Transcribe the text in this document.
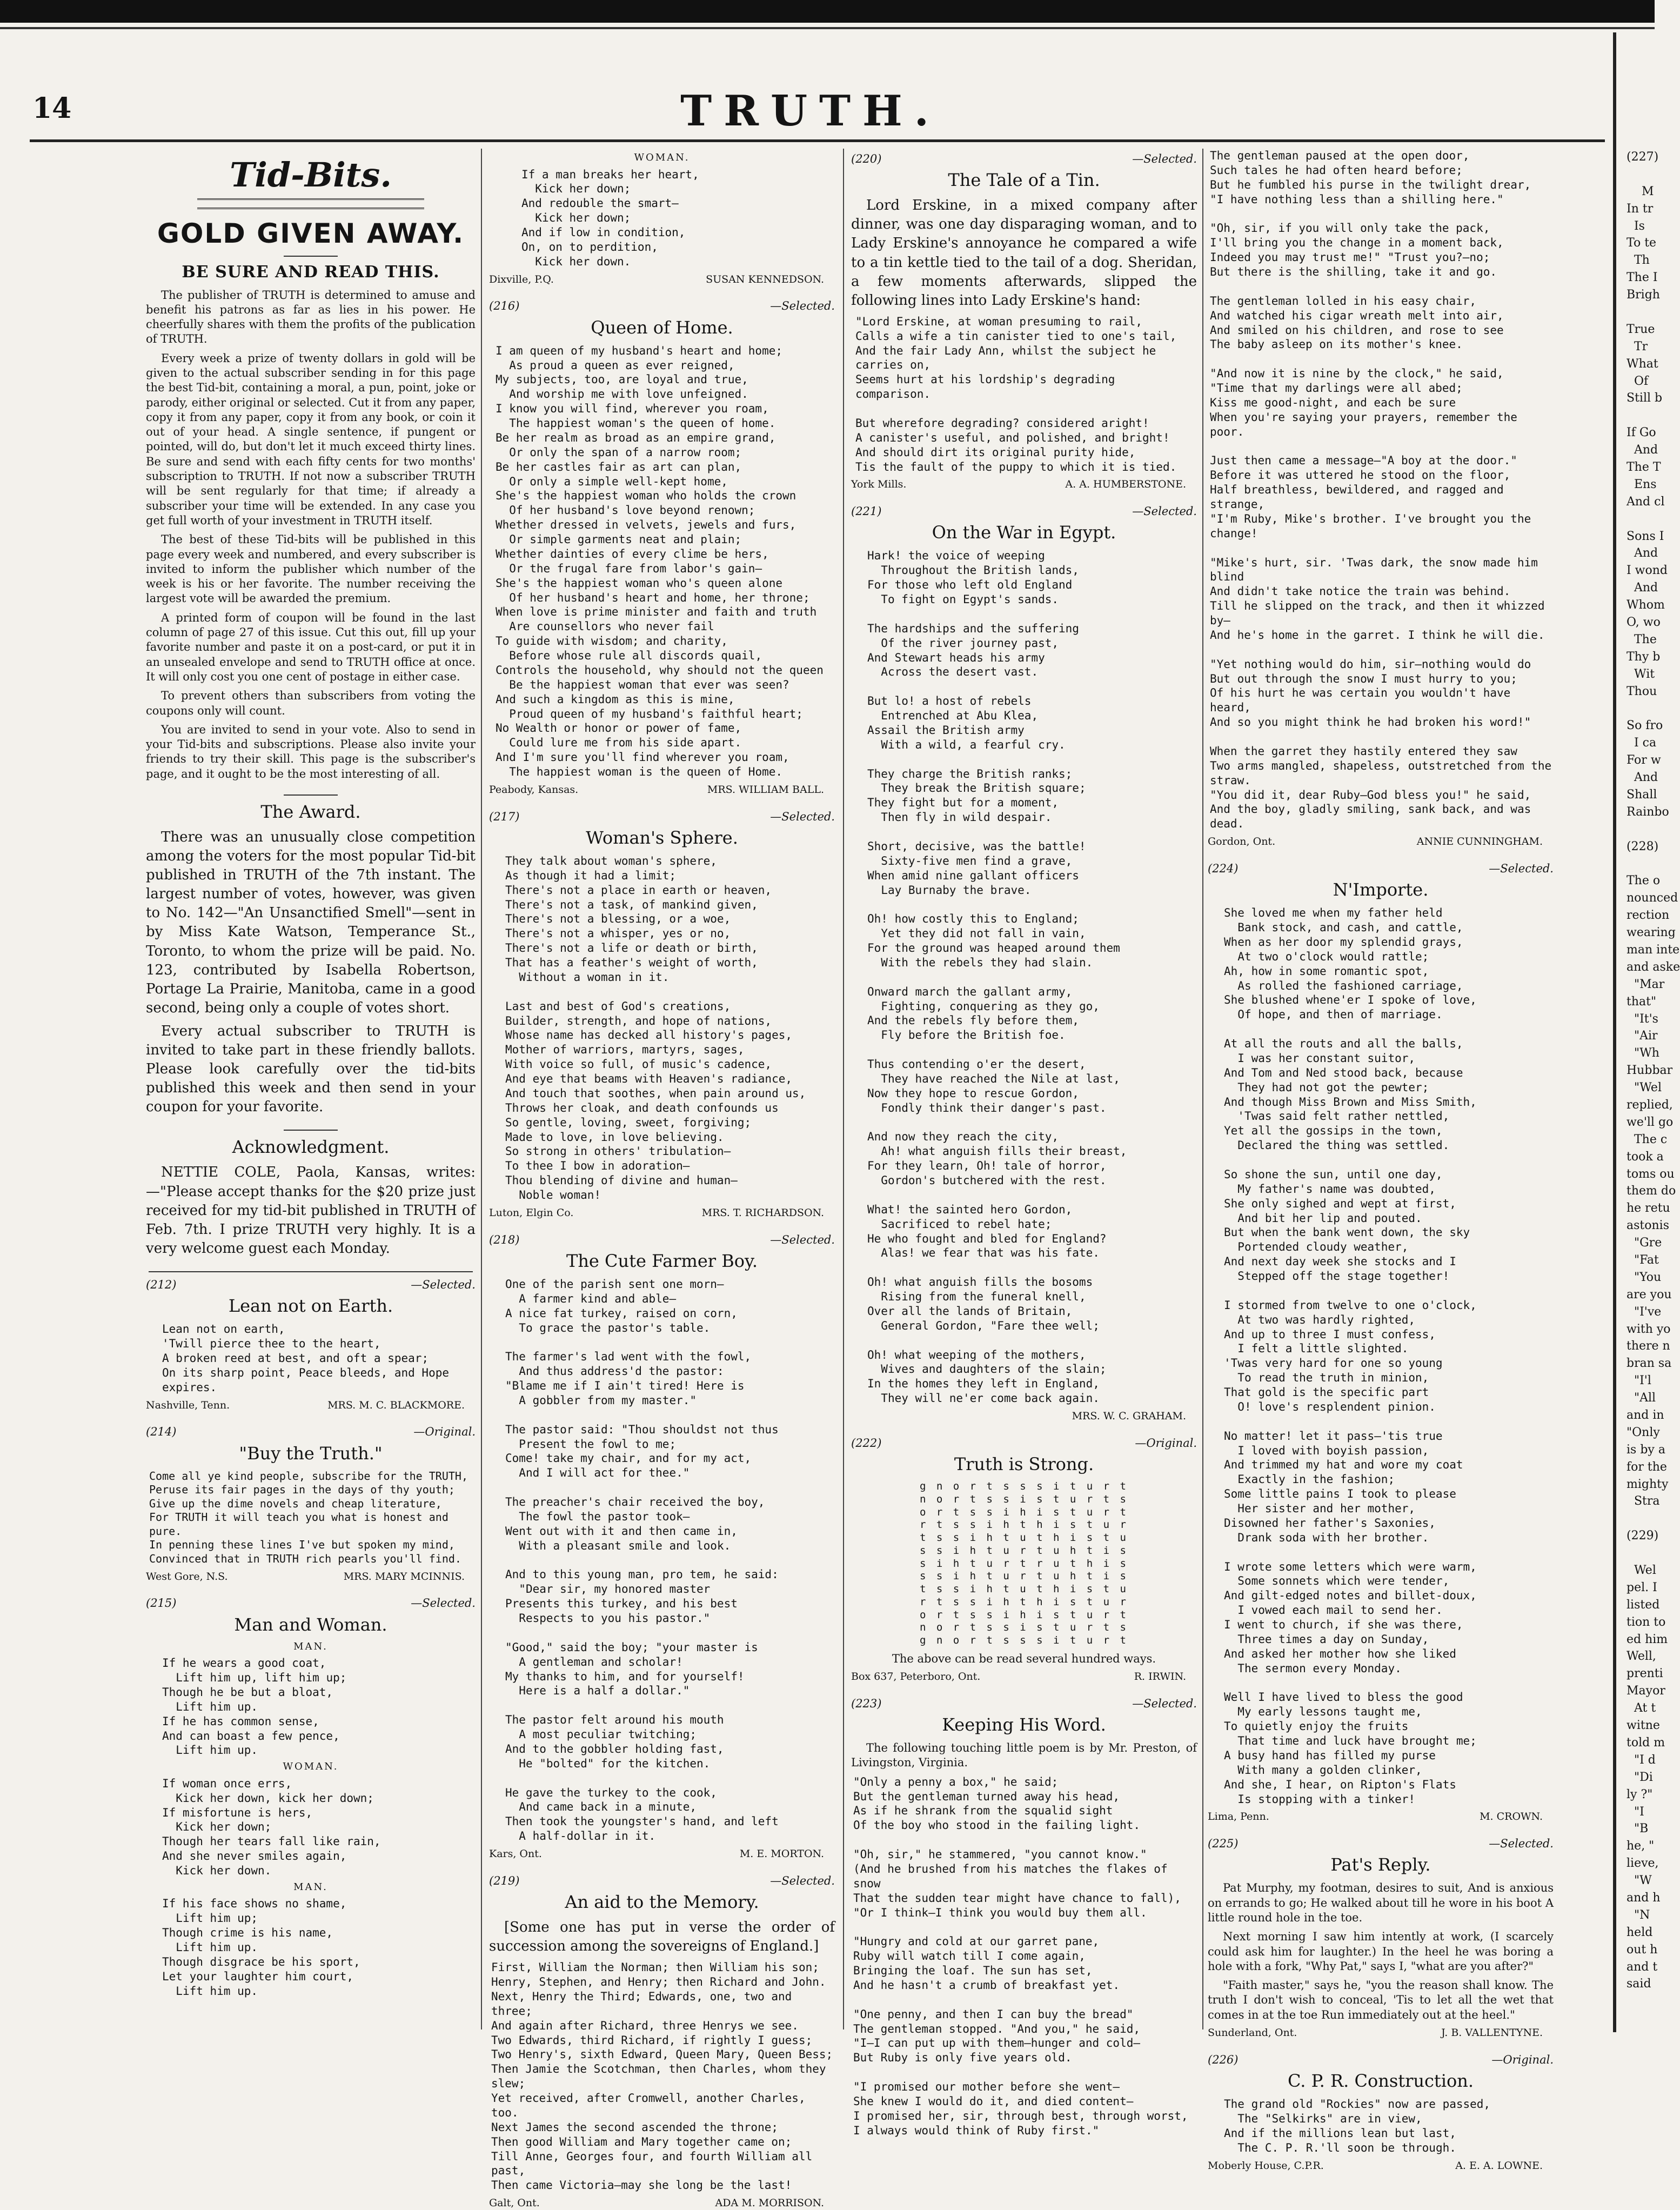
14	TRUTH.
Tid-Bits.
GOLD GIVEN AWAY.
BE SURE AND READ THIS.

The publisher of TRUTH is determined to amuse and benefit his patrons as far as lies in his power. He cheerfully shares with them the profits of the publication of TRUTH.

Every week a prize of twenty dollars in gold will be given to the actual subscriber sending in for this page the best Tid-bit, containing a moral, a pun, point, joke or parody, either original or selected. Cut it from any paper, copy it from any paper, copy it from any book, or coin it out of your head. A single sentence, if pungent or pointed, will do, but don't let it much exceed thirty lines. Be sure and send with each fifty cents for two months' subscription to TRUTH. If not now a subscriber TRUTH will be sent regularly for that time; if already a subscriber your time will be extended. In any case you get full worth of your investment in TRUTH itself.

The best of these Tid-bits will be published in this page every week and numbered, and every subscriber is invited to inform the publisher which number of the week is his or her favorite. The number receiving the largest vote will be awarded the premium.

A printed form of coupon will be found in the last column of page 27 of this issue. Cut this out, fill up your favorite number and paste it on a post-card, or put it in an unsealed envelope and send to TRUTH office at once. It will only cost you one cent of postage in either case.

To prevent others than subscribers from voting the coupons only will count.

You are invited to send in your vote. Also to send in your Tid-bits and subscriptions. Please also invite your friends to try their skill. This page is the subscriber's page, and it ought to be the most interesting of all.

The Award.

There was an unusually close competition among the voters for the most popular Tid-bit published in TRUTH of the 7th instant. The largest number of votes, however, was given to No. 142—"An Unsanctified Smell"—sent in by Miss Kate Watson, Temperance St., Toronto, to whom the prize will be paid. No. 123, contributed by Isabella Robertson, Portage La Prairie, Manitoba, came in a good second, being only a couple of votes short.

Every actual subscriber to TRUTH is invited to take part in these friendly ballots. Please look carefully over the tid-bits published this week and then send in your coupon for your favorite.

Acknowledgment.

NETTIE COLE, Paola, Kansas, writes:—"Please accept thanks for the $20 prize just received for my tid-bit published in TRUTH of Feb. 7th. I prize TRUTH very highly. It is a very welcome guest each Monday.

(212)	—Selected.
Lean not on Earth.
Lean not on earth,
'Twill pierce thee to the heart,
A broken reed at best, and oft a spear;
On its sharp point, Peace bleeds, and Hope expires.
Nashville, Tenn.	MRS. M. C. BLACKMORE.
(214)	—Original.
"Buy the Truth."
Come all ye kind people, subscribe for the TRUTH,
Peruse its fair pages in the days of thy youth;
Give up the dime novels and cheap literature,
For TRUTH it will teach you what is honest and pure.
In penning these lines I've but spoken my mind,
Convinced that in TRUTH rich pearls you'll find.
West Gore, N.S.	MRS. MARY MCINNIS.
(215)	—Selected.
Man and Woman.
MAN.
If he wears a good coat,
Lift him up, lift him up;
Though he be but a bloat,
Lift him up.
If he has common sense,
And can boast a few pence,
Lift him up.
WOMAN.
If woman once errs,
Kick her down, kick her down;
If misfortune is hers,
Kick her down;
Though her tears fall like rain,
And she never smiles again,
Kick her down.
MAN.
If his face shows no shame,
Lift him up;
Though crime is his name,
Lift him up.
Though disgrace be his sport,
Let your laughter him court,
Lift him up.
WOMAN.
If a man breaks her heart,
Kick her down;
And redouble the smart—
Kick her down;
And if low in condition,
On, on to perdition,
Kick her down.
Dixville, P.Q.	SUSAN KENNEDSON.
(216)	—Selected.
Queen of Home.
I am queen of my husband's heart and home;
As proud a queen as ever reigned,
My subjects, too, are loyal and true,
And worship me with love unfeigned.
I know you will find, wherever you roam,
The happiest woman's the queen of home.
Be her realm as broad as an empire grand,
Or only the span of a narrow room;
Be her castles fair as art can plan,
Or only a simple well-kept home,
She's the happiest woman who holds the crown
Of her husband's love beyond renown;
Whether dressed in velvets, jewels and furs,
Or simple garments neat and plain;
Whether dainties of every clime be hers,
Or the frugal fare from labor's gain—
She's the happiest woman who's queen alone
Of her husband's heart and home, her throne;
When love is prime minister and faith and truth
Are counsellors who never fail
To guide with wisdom; and charity,
Before whose rule all discords quail,
Controls the household, why should not the queen
Be the happiest woman that ever was seen?
And such a kingdom as this is mine,
Proud queen of my husband's faithful heart;
No Wealth or honor or power of fame,
Could lure me from his side apart.
And I'm sure you'll find wherever you roam,
The happiest woman is the queen of Home.
Peabody, Kansas.	MRS. WILLIAM BALL.
(217)	—Selected.
Woman's Sphere.
They talk about woman's sphere,
As though it had a limit;
There's not a place in earth or heaven,
There's not a task, of mankind given,
There's not a blessing, or a woe,
There's not a whisper, yes or no,
There's not a life or death or birth,
That has a feather's weight of worth,
Without a woman in it.

Last and best of God's creations,
Builder, strength, and hope of nations,
Whose name has decked all history's pages,
Mother of warriors, martyrs, sages,
With voice so full, of music's cadence,
And eye that beams with Heaven's radiance,
And touch that soothes, when pain around us,
Throws her cloak, and death confounds us
So gentle, loving, sweet, forgiving;
Made to love, in love believing.
So strong in others' tribulation—
To thee I bow in adoration—
Thou blending of divine and human—
Noble woman!
Luton, Elgin Co.	MRS. T. RICHARDSON.
(218)	—Selected.
The Cute Farmer Boy.
One of the parish sent one morn—
A farmer kind and able—
A nice fat turkey, raised on corn,
To grace the pastor's table.

The farmer's lad went with the fowl,
And thus address'd the pastor:
"Blame me if I ain't tired! Here is
A gobbler from my master."

The pastor said: "Thou shouldst not thus
Present the fowl to me;
Come! take my chair, and for my act,
And I will act for thee."

The preacher's chair received the boy,
The fowl the pastor took—
Went out with it and then came in,
With a pleasant smile and look.

And to this young man, pro tem, he said:
"Dear sir, my honored master
Presents this turkey, and his best
Respects to you his pastor."

"Good," said the boy; "your master is
A gentleman and scholar!
My thanks to him, and for yourself!
Here is a half a dollar."

The pastor felt around his mouth
A most peculiar twitching;
And to the gobbler holding fast,
He "bolted" for the kitchen.

He gave the turkey to the cook,
And came back in a minute,
Then took the youngster's hand, and left
A half-dollar in it.
Kars, Ont.	M. E. MORTON.
(219)	—Selected.
An aid to the Memory.

[Some one has put in verse the order of succession among the sovereigns of England.]

First, William the Norman; then William his son;
Henry, Stephen, and Henry; then Richard and John.
Next, Henry the Third; Edwards, one, two and three;
And again after Richard, three Henrys we see.
Two Edwards, third Richard, if rightly I guess;
Two Henry's, sixth Edward, Queen Mary, Queen Bess;
Then Jamie the Scotchman, then Charles, whom they slew;
Yet received, after Cromwell, another Charles, too.
Next James the second ascended the throne;
Then good William and Mary together came on;
Till Anne, Georges four, and fourth William all past,
Then came Victoria—may she long be the last!
Galt, Ont.	ADA M. MORRISON.
(220)	—Selected.
The Tale of a Tin.

Lord Erskine, in a mixed company after dinner, was one day disparaging woman, and to Lady Erskine's annoyance he compared a wife to a tin kettle tied to the tail of a dog. Sheridan, a few moments afterwards, slipped the following lines into Lady Erskine's hand:

"Lord Erskine, at woman presuming to rail,
Calls a wife a tin canister tied to one's tail,
And the fair Lady Ann, whilst the subject he carries on,
Seems hurt at his lordship's degrading comparison.

But wherefore degrading? considered aright!
A canister's useful, and polished, and bright!
And should dirt its original purity hide,
Tis the fault of the puppy to which it is tied.
York Mills.	A. A. HUMBERSTONE.
(221)	—Selected.
On the War in Egypt.
Hark! the voice of weeping
Throughout the British lands,
For those who left old England
To fight on Egypt's sands.

The hardships and the suffering
Of the river journey past,
And Stewart heads his army
Across the desert vast.

But lo! a host of rebels
Entrenched at Abu Klea,
Assail the British army
With a wild, a fearful cry.

They charge the British ranks;
They break the British square;
They fight but for a moment,
Then fly in wild despair.

Short, decisive, was the battle!
Sixty-five men find a grave,
When amid nine gallant officers
Lay Burnaby the brave.

Oh! how costly this to England;
Yet they did not fall in vain,
For the ground was heaped around them
With the rebels they had slain.

Onward march the gallant army,
Fighting, conquering as they go,
And the rebels fly before them,
Fly before the British foe.

Thus contending o'er the desert,
They have reached the Nile at last,
Now they hope to rescue Gordon,
Fondly think their danger's past.

And now they reach the city,
Ah! what anguish fills their breast,
For they learn, Oh! tale of horror,
Gordon's butchered with the rest.

What! the sainted hero Gordon,
Sacrificed to rebel hate;
He who fought and bled for England?
Alas! we fear that was his fate.

Oh! what anguish fills the bosoms
Rising from the funeral knell,
Over all the lands of Britain,
General Gordon, "Fare thee well;

Oh! what weeping of the mothers,
Wives and daughters of the slain;
In the homes they left in England,
They will ne'er come back again.
MRS. W. C. GRAHAM.
(222)	—Original.
Truth is Strong.
g n o r t s s s i t u r t
n o r t s s i s t u r t s
o r t s s i h i s t u r t
r t s s i h t h i s t u r
t s s i h t u t h i s t u
s s i h t u r t u h t i s
s i h t u r t r u t h i s
s s i h t u r t u h t i s
t s s i h t u t h i s t u
r t s s i h t h i s t u r
o r t s s i h i s t u r t
n o r t s s i s t u r t s
g n o r t s s s i t u r t

The above can be read several hundred ways.

Box 637, Peterboro, Ont.	R. IRWIN.
(223)	—Selected.
Keeping His Word.

The following touching little poem is by Mr. Preston, of Livingston, Virginia.

"Only a penny a box," he said;
But the gentleman turned away his head,
As if he shrank from the squalid sight
Of the boy who stood in the failing light.

"Oh, sir," he stammered, "you cannot know."
(And he brushed from his matches the flakes of snow
That the sudden tear might have chance to fall),
"Or I think—I think you would buy them all.

"Hungry and cold at our garret pane,
Ruby will watch till I come again,
Bringing the loaf. The sun has set,
And he hasn't a crumb of breakfast yet.

"One penny, and then I can buy the bread"
The gentleman stopped. "And you," he said,
"I—I can put up with them—hunger and cold—
But Ruby is only five years old.

"I promised our mother before she went—
She knew I would do it, and died content—
I promised her, sir, through best, through worst,
I always would think of Ruby first."
The gentleman paused at the open door,
Such tales he had often heard before;
But he fumbled his purse in the twilight drear,
"I have nothing less than a shilling here."

"Oh, sir, if you will only take the pack,
I'll bring you the change in a moment back,
Indeed you may trust me!" "Trust you?—no;
But there is the shilling, take it and go.

The gentleman lolled in his easy chair,
And watched his cigar wreath melt into air,
And smiled on his children, and rose to see
The baby asleep on its mother's knee.

"And now it is nine by the clock," he said,
"Time that my darlings were all abed;
Kiss me good-night, and each be sure
When you're saying your prayers, remember the poor.

Just then came a message—"A boy at the door."
Before it was uttered he stood on the floor,
Half breathless, bewildered, and ragged and strange,
"I'm Ruby, Mike's brother. I've brought you the change!

"Mike's hurt, sir. 'Twas dark, the snow made him blind
And didn't take notice the train was behind.
Till he slipped on the track, and then it whizzed by—
And he's home in the garret. I think he will die.

"Yet nothing would do him, sir—nothing would do
But out through the snow I must hurry to you;
Of his hurt he was certain you wouldn't have heard,
And so you might think he had broken his word!"

When the garret they hastily entered they saw
Two arms mangled, shapeless, outstretched from the straw.
"You did it, dear Ruby—God bless you!" he said,
And the boy, gladly smiling, sank back, and was dead.
Gordon, Ont.	ANNIE CUNNINGHAM.
(224)	—Selected.
N'Importe.
She loved me when my father held
Bank stock, and cash, and cattle,
When as her door my splendid grays,
At two o'clock would rattle;
Ah, how in some romantic spot,
As rolled the fashioned carriage,
She blushed whene'er I spoke of love,
Of hope, and then of marriage.

At all the routs and all the balls,
I was her constant suitor,
And Tom and Ned stood back, because
They had not got the pewter;
And though Miss Brown and Miss Smith,
'Twas said felt rather nettled,
Yet all the gossips in the town,
Declared the thing was settled.

So shone the sun, until one day,
My father's name was doubted,
She only sighed and wept at first,
And bit her lip and pouted.
But when the bank went down, the sky
Portended cloudy weather,
And next day week she stocks and I
Stepped off the stage together!

I stormed from twelve to one o'clock,
At two was hardly righted,
And up to three I must confess,
I felt a little slighted.
'Twas very hard for one so young
To read the truth in minion,
That gold is the specific part
O! love's resplendent pinion.

No matter! let it pass—'tis true
I loved with boyish passion,
And trimmed my hat and wore my coat
Exactly in the fashion;
Some little pains I took to please
Her sister and her mother,
Disowned her father's Saxonies,
Drank soda with her brother.

I wrote some letters which were warm,
Some sonnets which were tender,
And gilt-edged notes and billet-doux,
I vowed each mail to send her.
I went to church, if she was there,
Three times a day on Sunday,
And asked her mother how she liked
The sermon every Monday.

Well I have lived to bless the good
My early lessons taught me,
To quietly enjoy the fruits
That time and luck have brought me;
A busy hand has filled my purse
With many a golden clinker,
And she, I hear, on Ripton's Flats
Is stopping with a tinker!
Lima, Penn.	M. CROWN.
(225)	—Selected.
Pat's Reply.

Pat Murphy, my footman, desires to suit, And is anxious on errands to go; He walked about till he wore in his boot A little round hole in the toe.

Next morning I saw him intently at work, (I scarcely could ask him for laughter.) In the heel he was boring a hole with a fork, "Why Pat," says I, "what are you after?"

"Faith master," says he, "you the reason shall know. The truth I don't wish to conceal, 'Tis to let all the wet that comes in at the toe Run immediately out at the heel."

Sunderland, Ont.	J. B. VALLENTYNE.
(226)	—Original.
C. P. R. Construction.
The grand old "Rockies" now are passed,
The "Selkirks" are in view,
And if the millions lean but last,
The C. P. R.'ll soon be through.
Moberly House, C.P.R.	A. E. A. LOWNE.
(227)

M
In tr
Is
To te
Th
The I
Brigh

True
Tr
What
Of
Still b

If Go
And
The T
Ens
And cl

Sons I
And
I wond
And
Whom
O, wo
The
Thy b
Wit
Thou

So fro
I ca
For w
And
Shall
Rainbo

(228)

The o
nounced
rection
wearing
man inte
and aske
"Mar
that"
"It's
"Air
"Wh
Hubbar
"Wel
replied,
we'll go
The c
took a
toms ou
them do
he retu
astonis
"Gre
"Fat
"You
are you
"I've
with yo
there n
bran sa
"I'l
"All
and in
"Only
is by a
for the
mighty
Stra

(229)

Wel
pel. I
listed
tion to
ed him
Well,
prenti
Mayor
At t
witne
told m
"I d
"Di
ly ?"
"I
"B
he, "
lieve,
"W
and h
"N
held
out h
and t
said
